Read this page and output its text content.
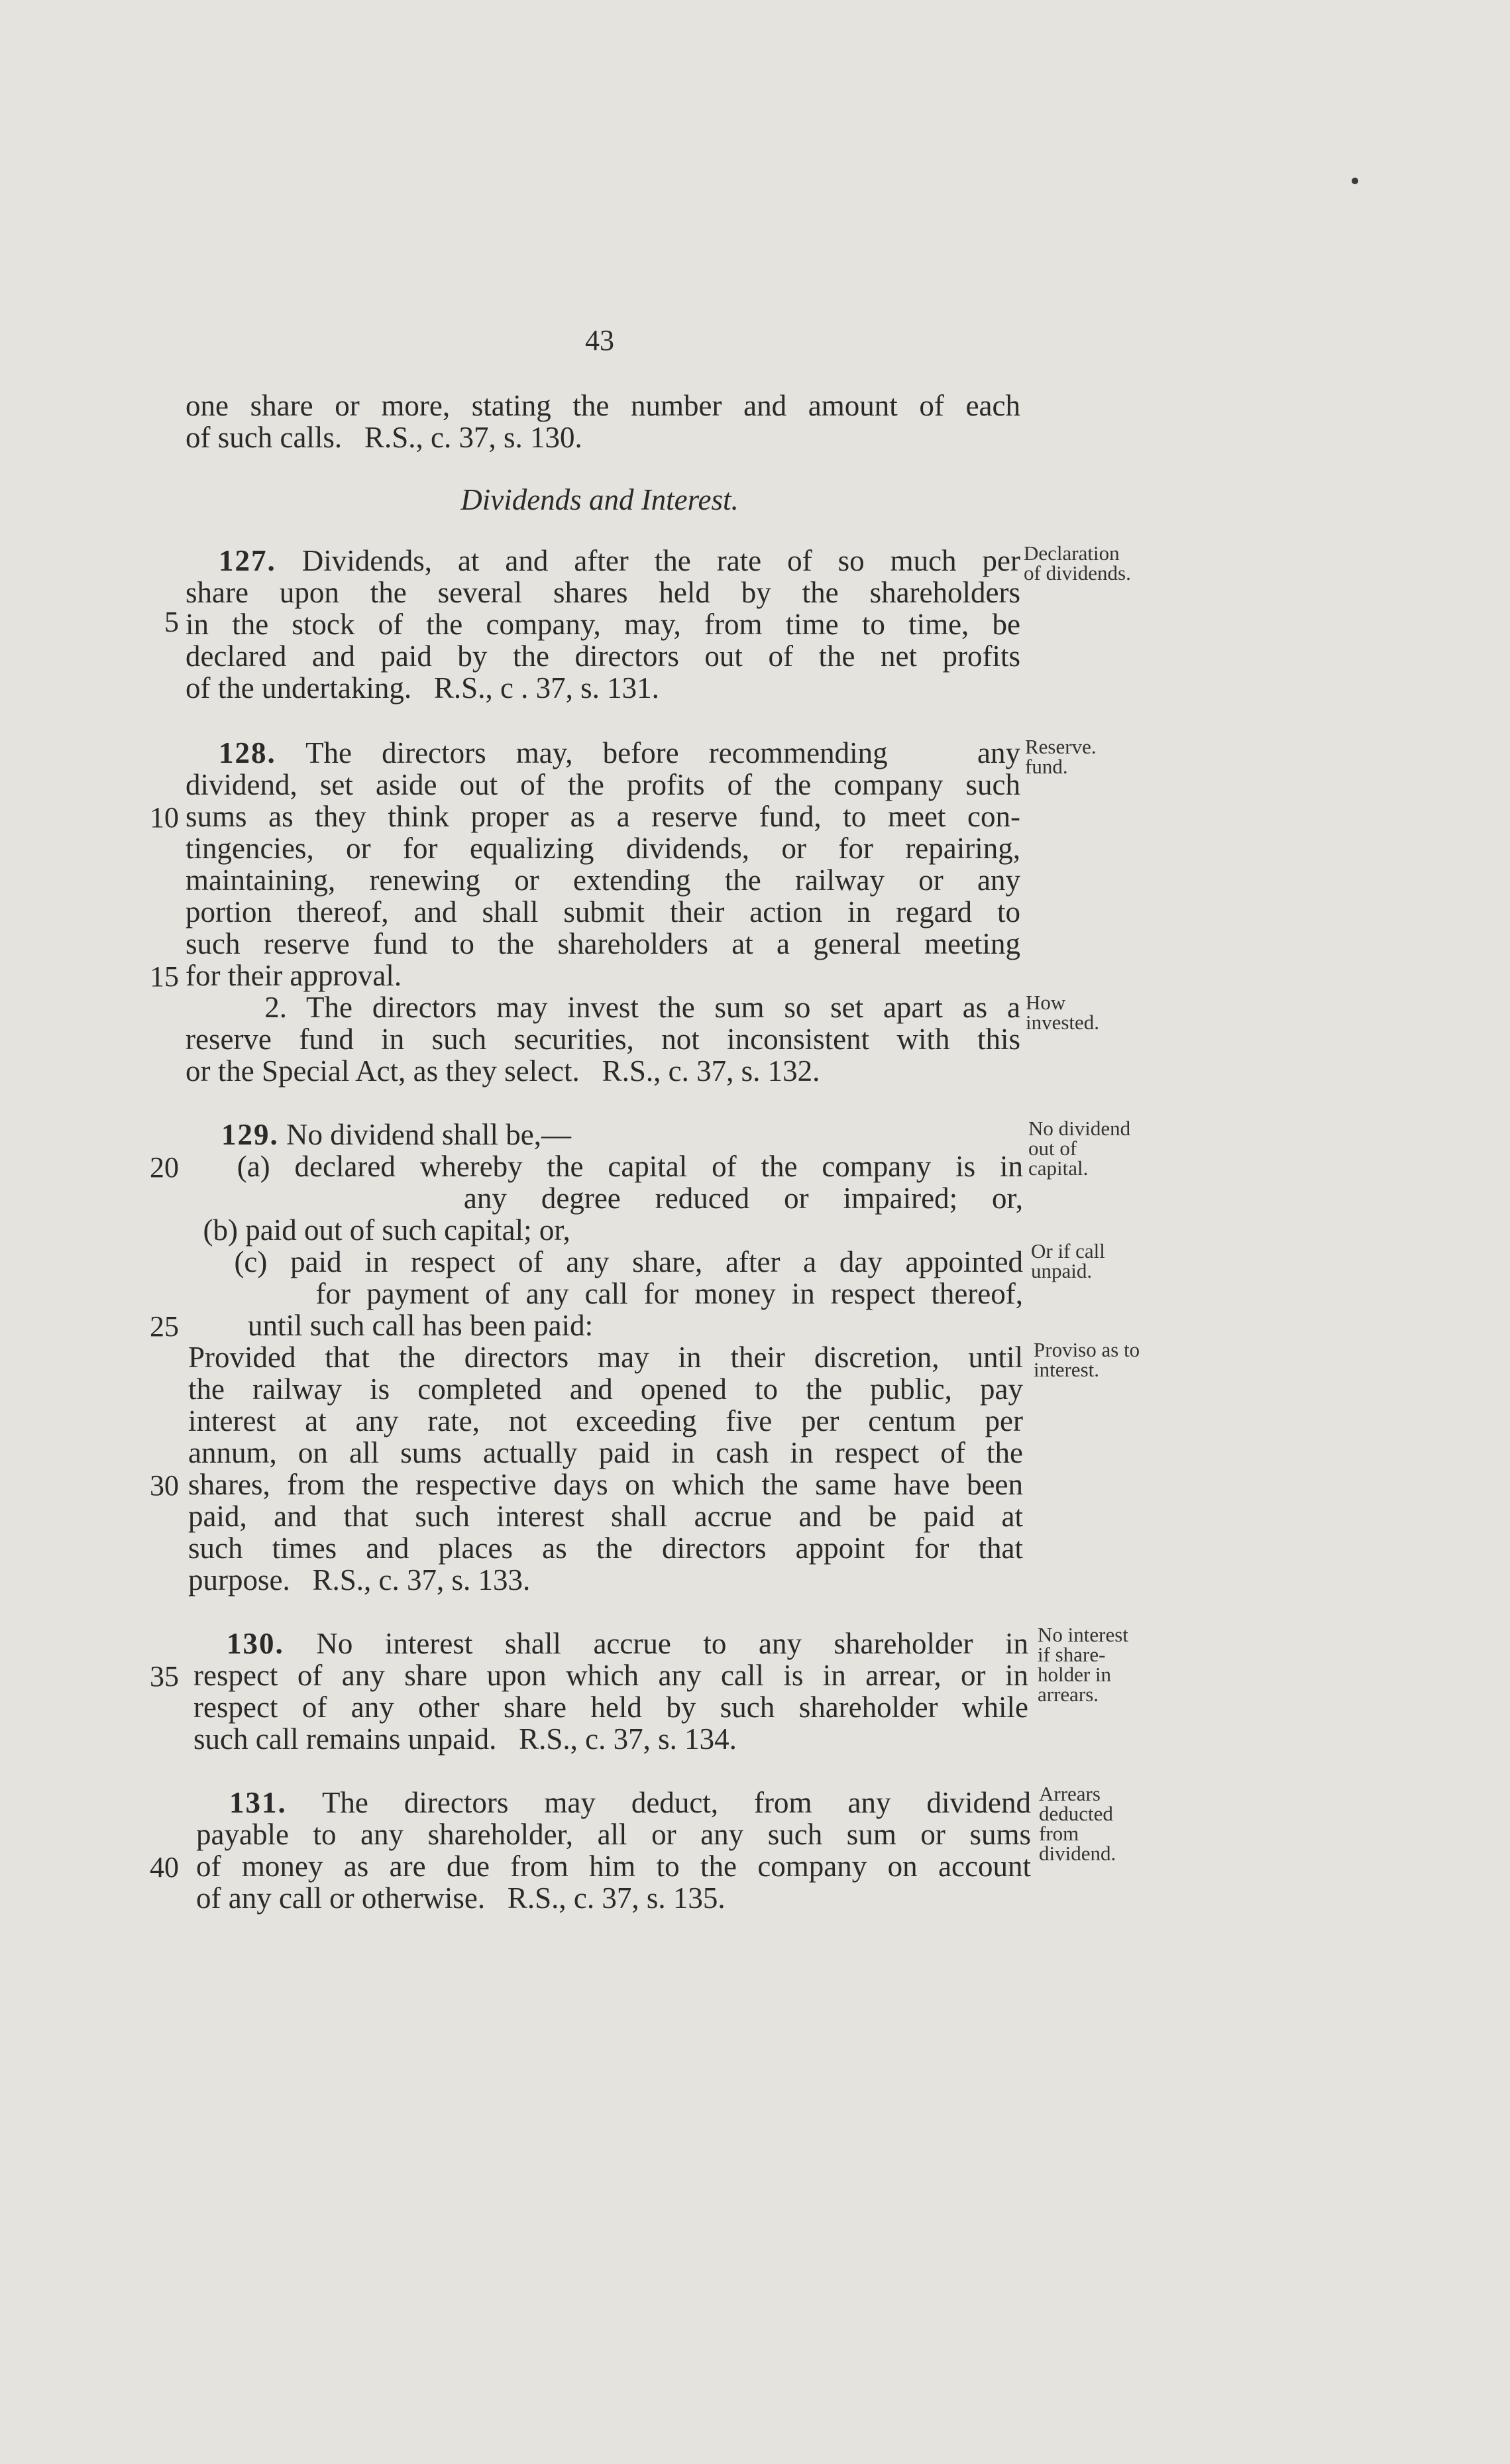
43
Dividends and Interest.
one share or more, stating the number and amount of each
of such calls.   R.S., c. 37, s. 130.
127. Dividends, at and after the rate of so much per
share upon the several shares held by the shareholders
in the stock of the company, may, from time to time, be
declared and paid by the directors out of the net profits
of the undertaking.   R.S., c . 37, s. 131.
128. The directors may, before recommending   any
dividend, set aside out of the profits of the company such
sums as they think proper as a reserve fund, to meet con-
tingencies, or for equalizing dividends, or for repairing,
maintaining, renewing or extending the railway or any
portion thereof, and shall submit their action in regard to
such reserve fund to the shareholders at a general meeting
for their approval.
2. The directors may invest the sum so set apart as a
reserve fund in such securities, not inconsistent with this
or the Special Act, as they select.   R.S., c. 37, s. 132.
129. No dividend shall be,—
(a) declared whereby the capital of the company is in
any degree reduced or impaired; or,
(b) paid out of such capital; or,
(c) paid in respect of any share, after a day appointed
for payment of any call for money in respect thereof,
until such call has been paid:
Provided that the directors may in their discretion, until
the railway is completed and opened to the public, pay
interest at any rate, not exceeding five per centum per
annum, on all sums actually paid in cash in respect of the
shares, from the respective days on which the same have been
paid, and that such interest shall accrue and be paid at
such times and places as the directors appoint for that
purpose.   R.S., c. 37, s. 133.
130. No interest shall accrue to any shareholder in
respect of any share upon which any call is in arrear, or in
respect of any other share held by such shareholder while
such call remains unpaid.   R.S., c. 37, s. 134.
131. The directors may deduct, from any dividend
payable to any shareholder, all or any such sum or sums
of money as are due from him to the company on account
of any call or otherwise.   R.S., c. 37, s. 135.
5
10
15
20
25
30
35
40
Declaration
of dividends.
Reserve.
fund.
How
invested.
No dividend
out of
capital.
Or if call
unpaid.
Proviso as to
interest.
No interest
if share-
holder in
arrears.
Arrears
deducted
from
dividend.
